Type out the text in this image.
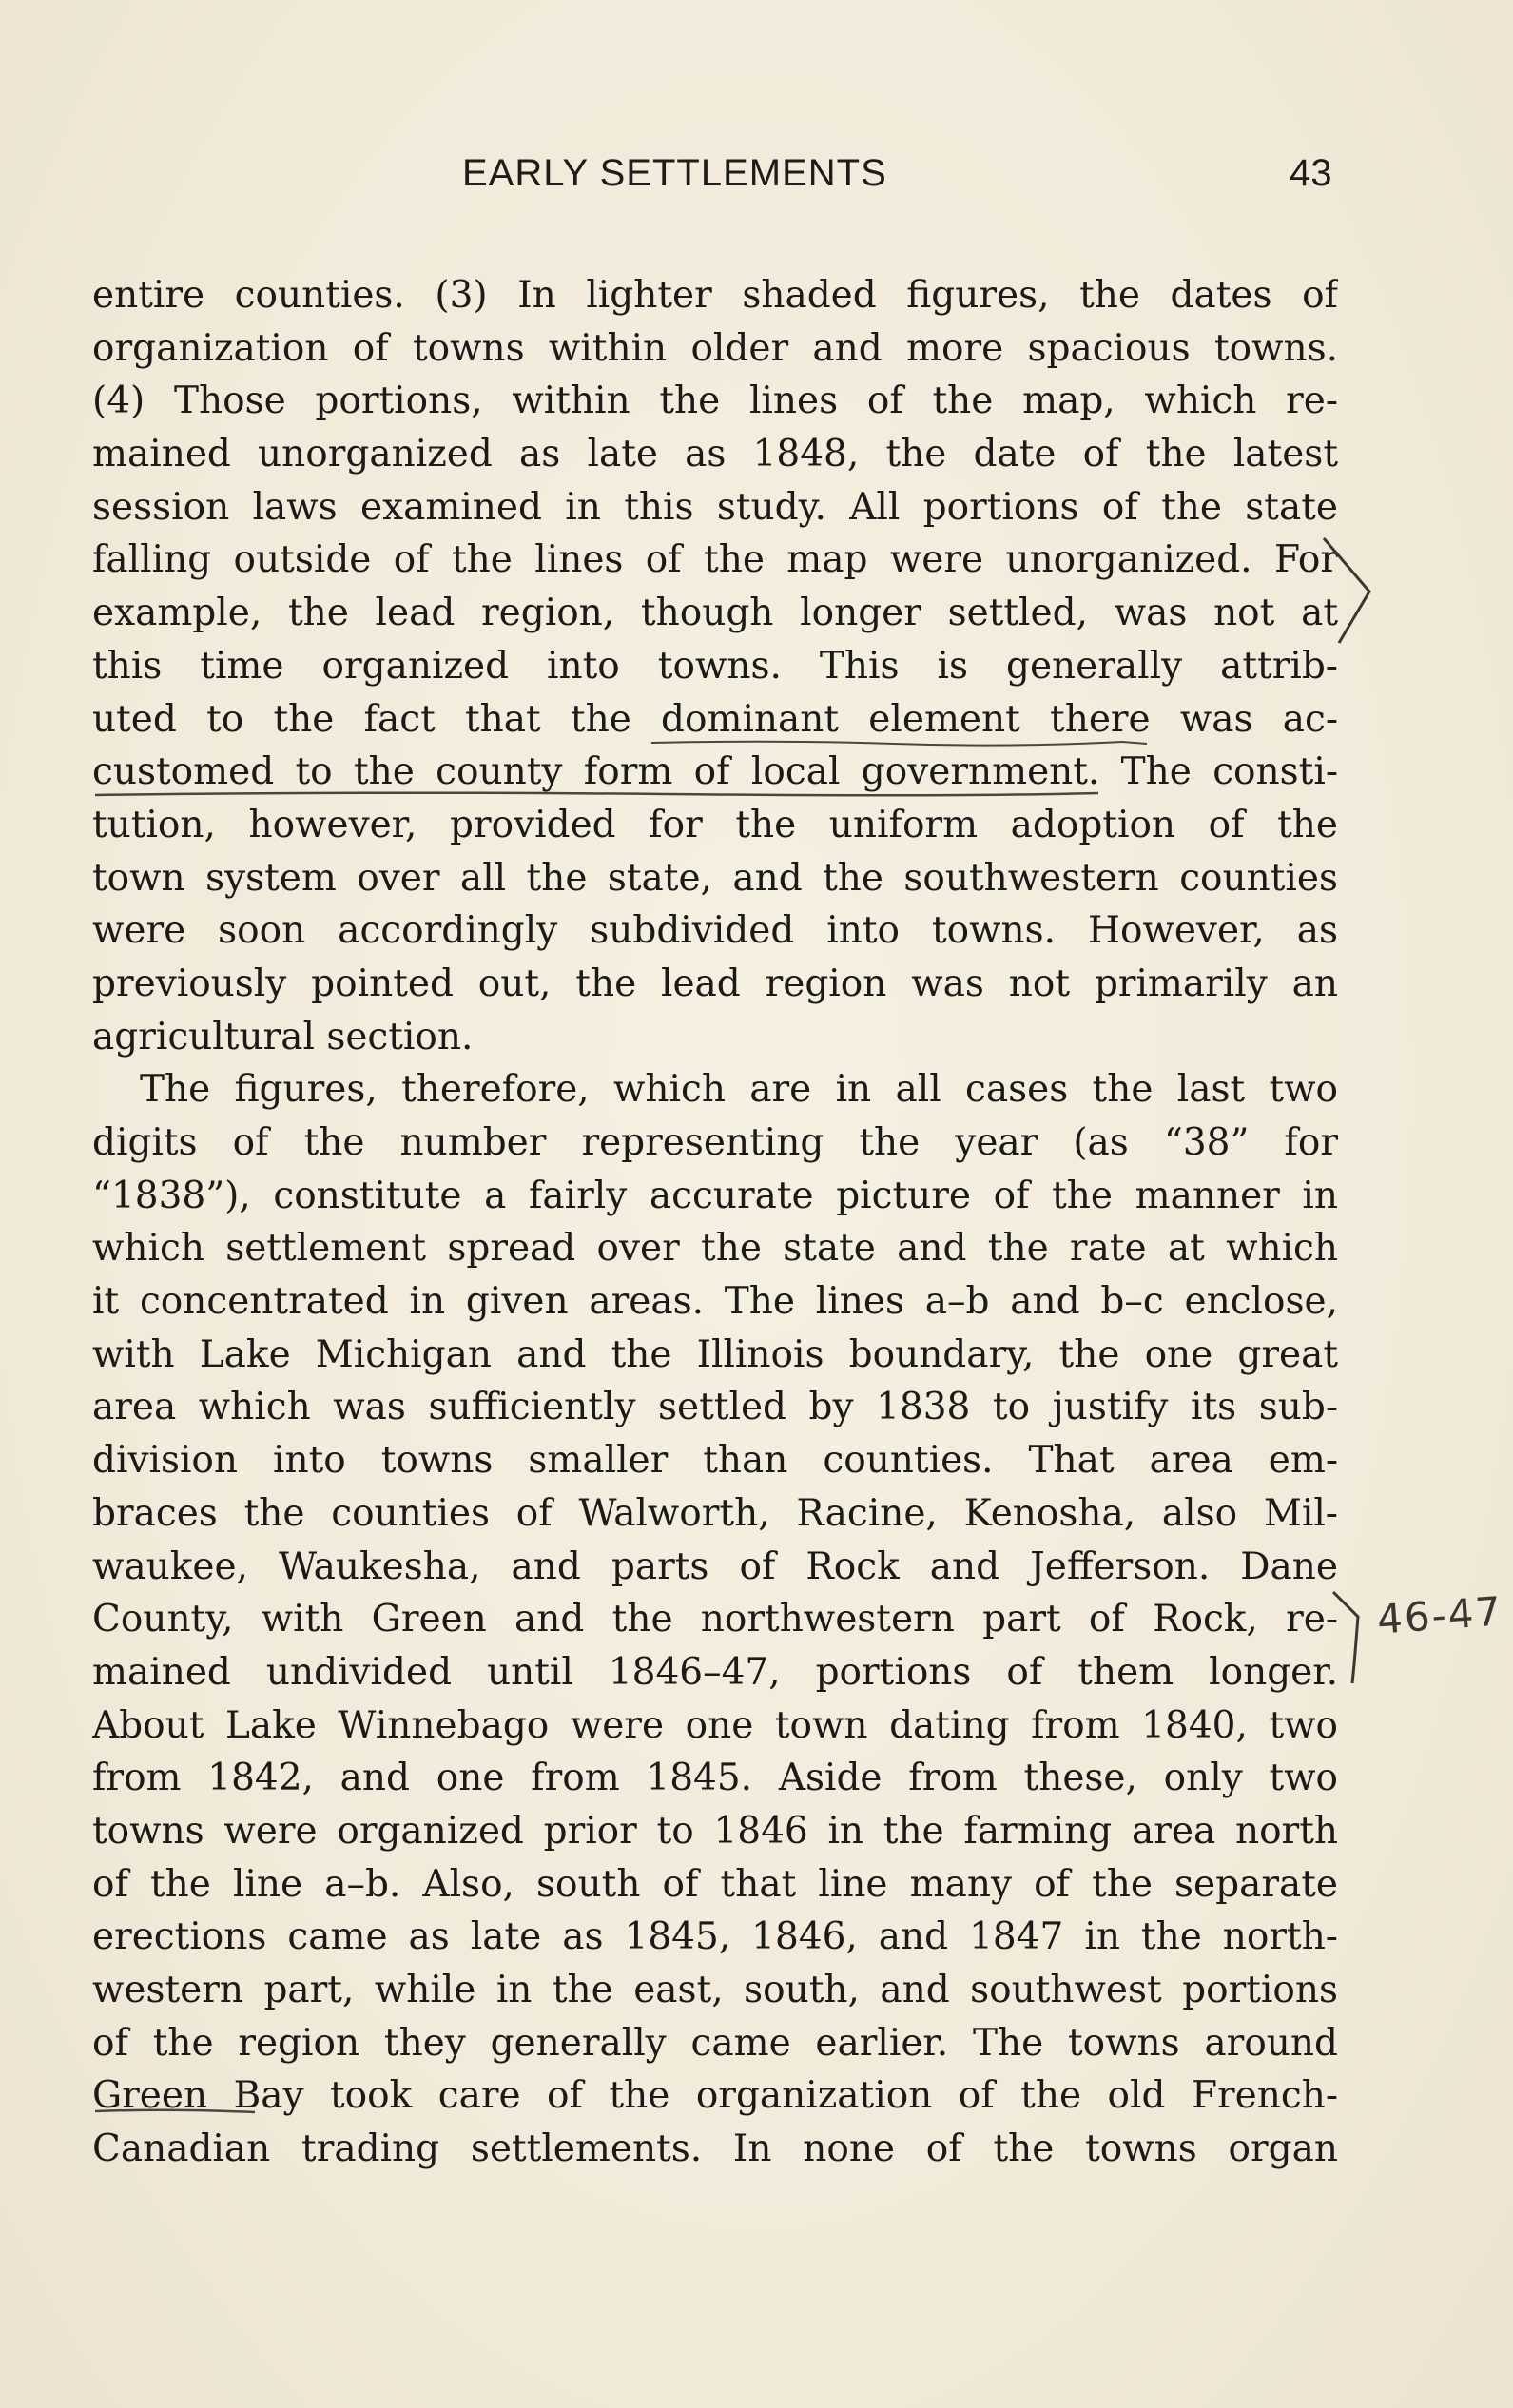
EARLY SETTLEMENTS	43
entire counties. (3) In lighter shaded figures, the dates of
organization of towns within older and more spacious towns.
(4) Those portions, within the lines of the map, which re-
mained unorganized as late as 1848, the date of the latest
session laws examined in this study. All portions of the state
falling outside of the lines of the map were unorganized. For
example, the lead region, though longer settled, was not at
this time organized into towns. This is generally attrib-
uted to the fact that the dominant element there was ac-
customed to the county form of local government. The consti-
tution, however, provided for the uniform adoption of the
town system over all the state, and the southwestern counties
were soon accordingly subdivided into towns. However, as
previously pointed out, the lead region was not primarily an
agricultural section.
The figures, therefore, which are in all cases the last two
digits of the number representing the year (as “38” for
“1838”), constitute a fairly accurate picture of the manner in
which settlement spread over the state and the rate at which
it concentrated in given areas. The lines a–b and b–c enclose,
with Lake Michigan and the Illinois boundary, the one great
area which was sufficiently settled by 1838 to justify its sub-
division into towns smaller than counties. That area em-
braces the counties of Walworth, Racine, Kenosha, also Mil-
waukee, Waukesha, and parts of Rock and Jefferson. Dane
County, with Green and the northwestern part of Rock, re-
mained undivided until 1846–47, portions of them longer.
About Lake Winnebago were one town dating from 1840, two
from 1842, and one from 1845. Aside from these, only two
towns were organized prior to 1846 in the farming area north
of the line a–b. Also, south of that line many of the separate
erections came as late as 1845, 1846, and 1847 in the north-
western part, while in the east, south, and southwest portions
of the region they generally came earlier. The towns around
Green Bay took care of the organization of the old French-
Canadian trading settlements. In none of the towns organ
46-47
